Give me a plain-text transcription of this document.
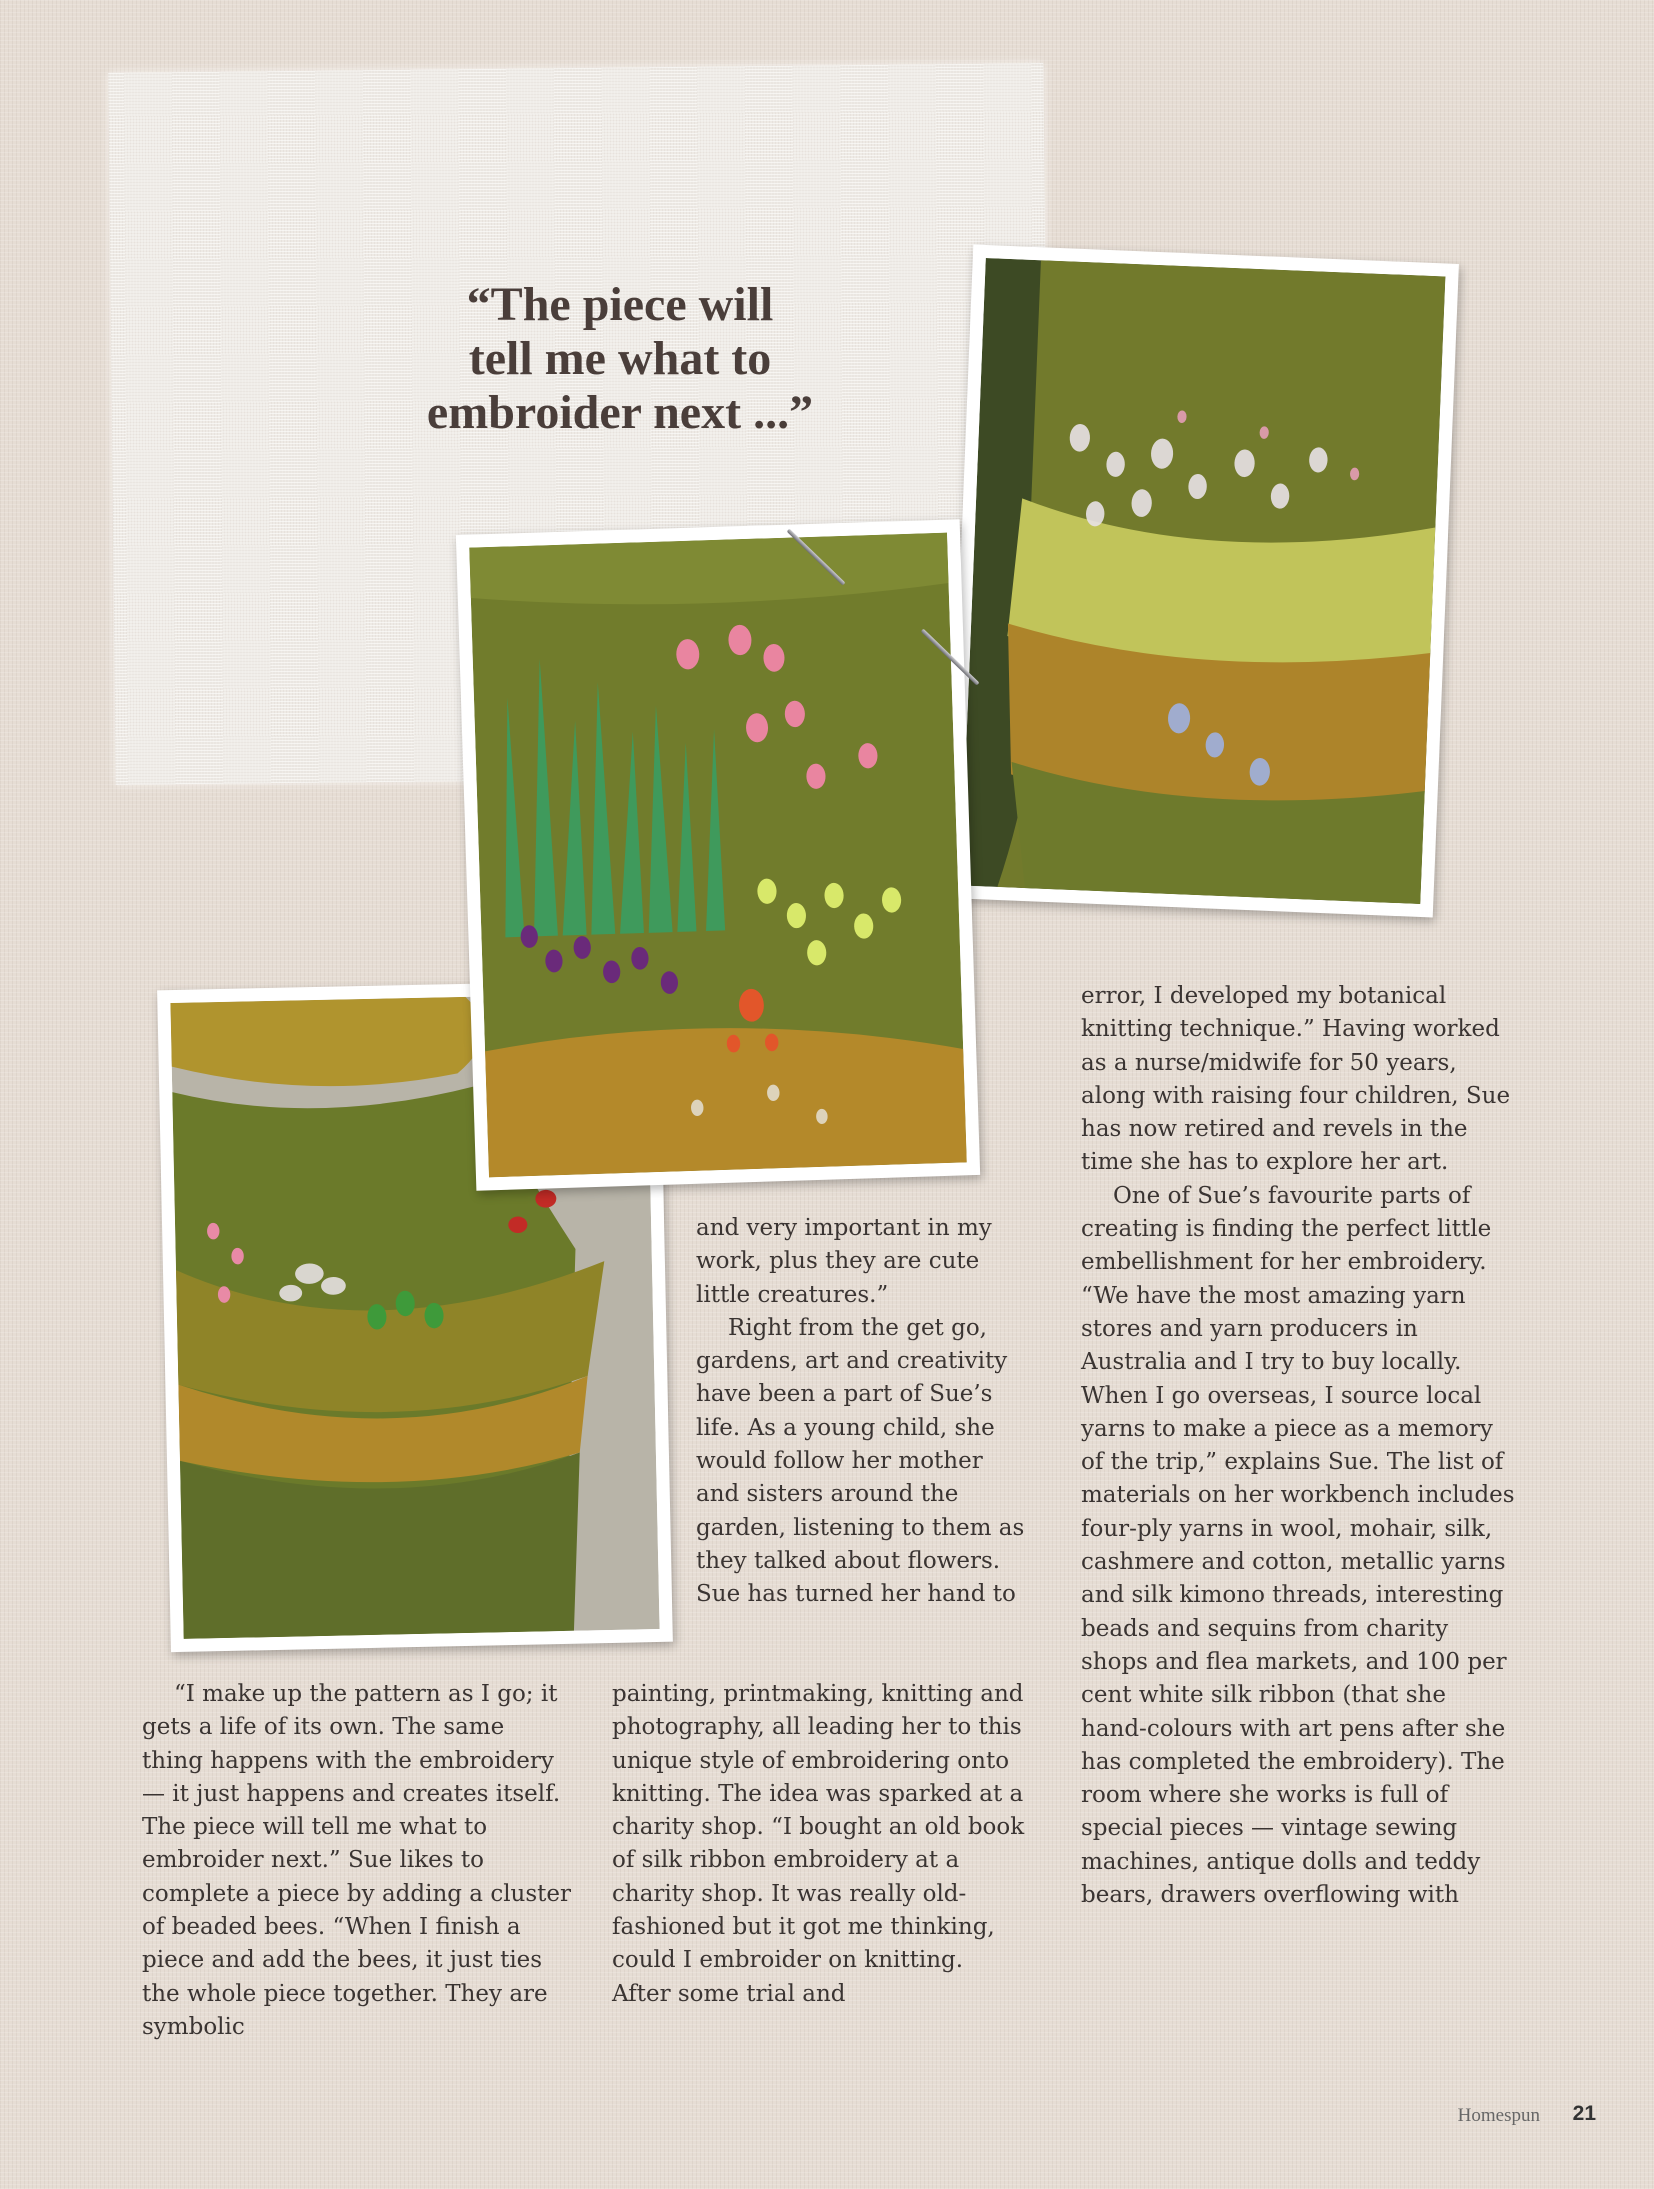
“The piece will
tell me what to
embroider next ...”

“I make up the pattern as I go; it gets a life of its own. The same thing happens with the embroidery — it just happens and creates itself. The piece will tell me what to embroider next.” Sue likes to complete a piece by adding a cluster of beaded bees. “When I finish a piece and add the bees, it just ties the whole piece together. They are symbolic

and very important in my work, plus they are cute little creatures.”

Right from the get go, gardens, art and creativity have been a part of Sue’s life. As a young child, she would follow her mother and sisters around the garden, listening to them as they talked about flowers. Sue has turned her hand to

painting, printmaking, knitting and photography, all leading her to this unique style of embroidering onto knitting. The idea was sparked at a charity shop. “I bought an old book of silk ribbon embroidery at a charity shop. It was really old-fashioned but it got me thinking, could I embroider on knitting. After some trial and

error, I developed my botanical knitting technique.” Having worked as a nurse/midwife for 50 years, along with raising four children, Sue has now retired and revels in the time she has to explore her art.

One of Sue’s favourite parts of creating is finding the perfect little embellishment for her embroidery. “We have the most amazing yarn stores and yarn producers in Australia and I try to buy locally. When I go overseas, I source local yarns to make a piece as a memory of the trip,” explains Sue. The list of materials on her workbench includes four-ply yarns in wool, mohair, silk, cashmere and cotton, metallic yarns and silk kimono threads, interesting beads and sequins from charity shops and flea markets, and 100 per cent white silk ribbon (that she hand-colours with art pens after she has completed the embroidery). The room where she works is full of special pieces — vintage sewing machines, antique dolls and teddy bears, drawers overflowing with

Homespun 21
